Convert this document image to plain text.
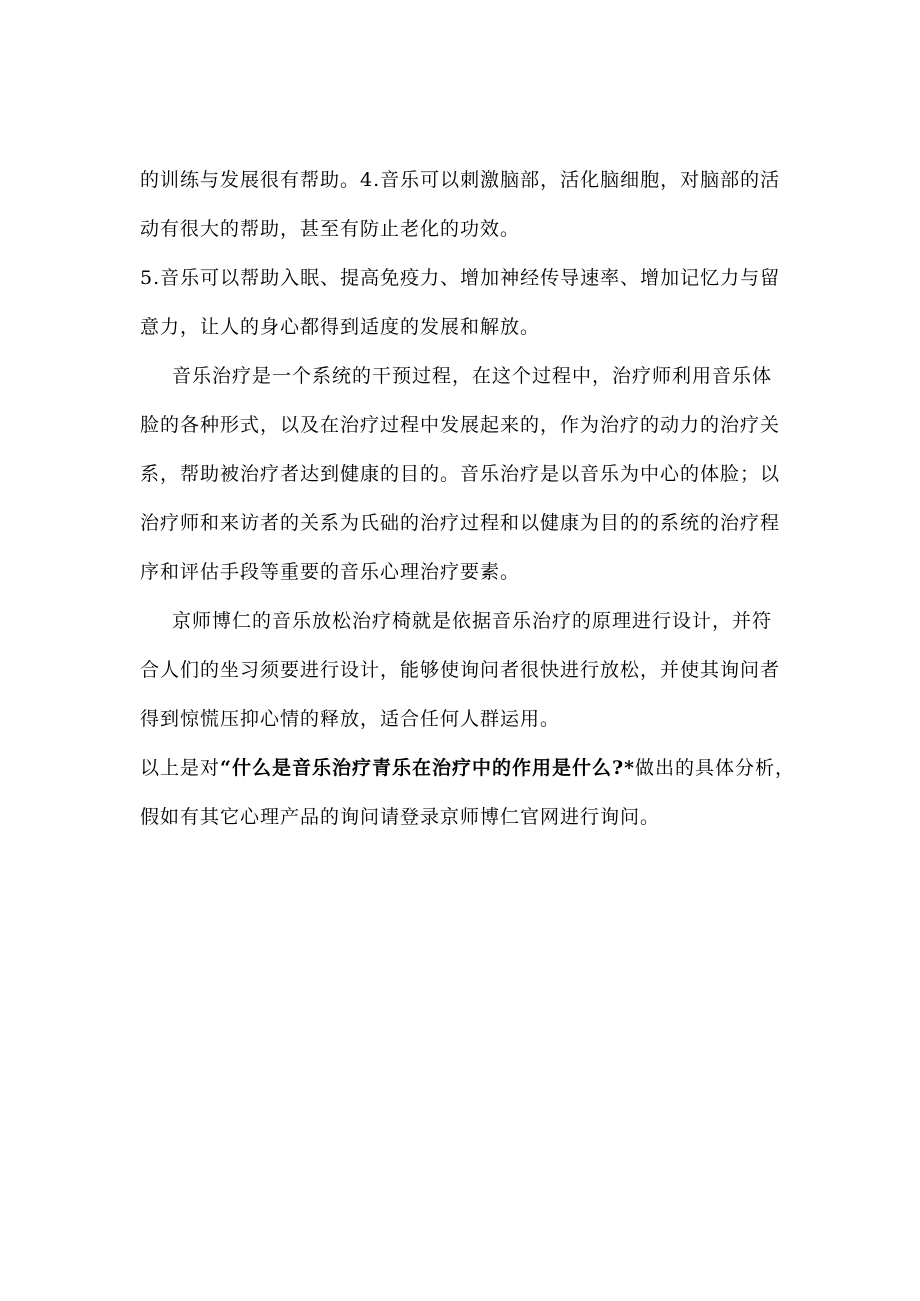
的训练与发展很有帮助。4.音乐可以刺激脑部，活化脑细胞，对脑部的活
动有很大的帮助，甚至有防止老化的功效。
5.音乐可以帮助入眠、提高免疫力、增加神经传导速率、增加记忆力与留
意力，让人的身心都得到适度的发展和解放。
音乐治疗是一个系统的干预过程，在这个过程中，治疗师利用音乐体
脸的各种形式，以及在治疗过程中发展起来的，作为治疗的动力的治疗关
系，帮助被治疗者达到健康的目的。音乐治疗是以音乐为中心的体脸；以
治疗师和来访者的关系为氏础的治疗过程和以健康为目的的系统的治疗程
序和评估手段等重要的音乐心理治疗要素。
京师博仁的音乐放松治疗椅就是依据音乐治疗的原理进行设计，并符
合人们的坐习须要进行设计，能够使询问者很快进行放松，并使其询问者
得到惊慌压抑心情的释放，适合任何人群运用。
以上是对“什么是音乐治疗青乐在治疗中的作用是什么?*做出的具体分析，
假如有其它心理产品的询问请登录京师博仁官网进行询问。
